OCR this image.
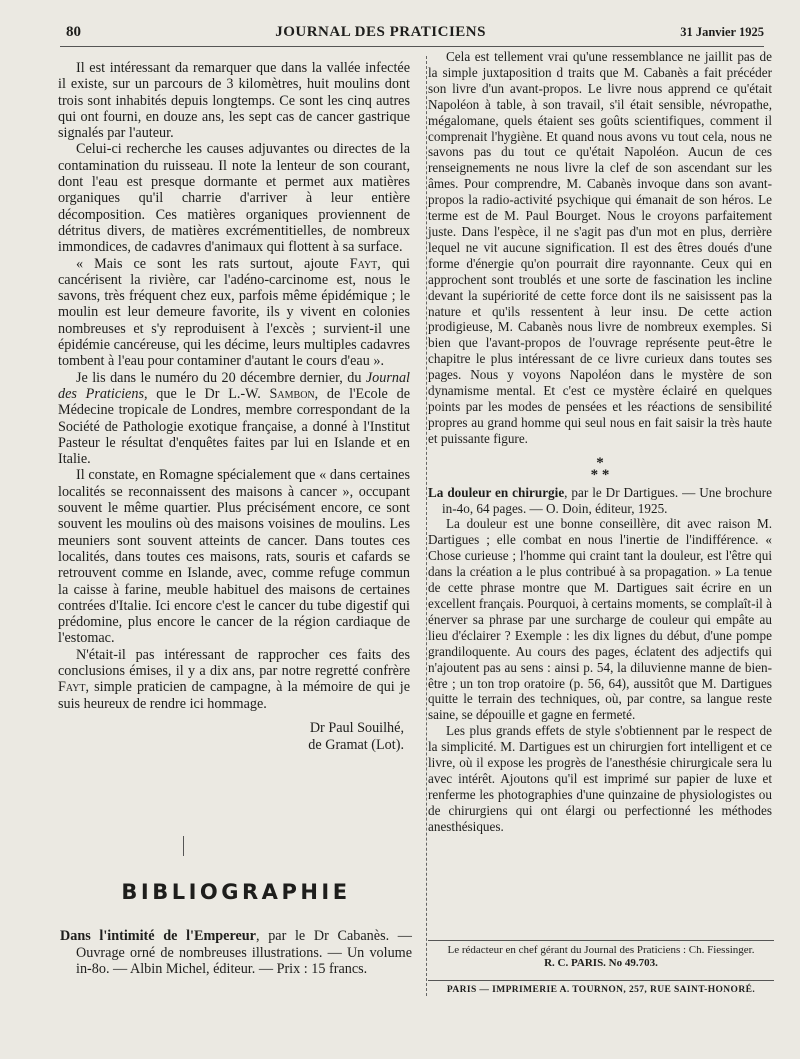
80	JOURNAL DES PRATICIENS	31 Janvier 1925

Il est intéressant da remarquer que dans la vallée infectée il existe, sur un parcours de 3 kilomètres, huit moulins dont trois sont inhabités depuis longtemps. Ce sont les cinq autres qui ont fourni, en douze ans, les sept cas de cancer gastrique signalés par l'auteur.

Celui-ci recherche les causes adjuvantes ou directes de la contamination du ruisseau. Il note la lenteur de son courant, dont l'eau est presque dormante et permet aux matières organiques qu'il charrie d'arriver à leur entière décomposition. Ces matières organiques proviennent de détritus divers, de matières excrémentitielles, de nombreux immondices, de cadavres d'animaux qui flottent à sa surface.

« Mais ce sont les rats surtout, ajoute Fayt, qui cancérisent la rivière, car l'adéno-carcinome est, nous le savons, très fréquent chez eux, parfois même épidémique ; le moulin est leur demeure favorite, ils y vivent en colonies nombreuses et s'y reproduisent à l'excès ; survient-il une épidémie cancéreuse, qui les décime, leurs multiples cadavres tombent à l'eau pour contaminer d'autant le cours d'eau ».

Je lis dans le numéro du 20 décembre dernier, du Journal des Praticiens, que le Dr L.-W. Sambon, de l'Ecole de Médecine tropicale de Londres, membre correspondant de la Société de Pathologie exotique française, a donné à l'Institut Pasteur le résultat d'enquêtes faites par lui en Islande et en Italie.

Il constate, en Romagne spécialement que « dans certaines localités se reconnaissent des maisons à cancer », occupant souvent le même quartier. Plus précisément encore, ce sont souvent les moulins où des maisons voisines de moulins. Les meuniers sont souvent atteints de cancer. Dans toutes ces localités, dans toutes ces maisons, rats, souris et cafards se retrouvent comme en Islande, avec, comme refuge commun la caisse à farine, meuble habituel des maisons de certaines contrées d'Italie. Ici encore c'est le cancer du tube digestif qui prédomine, plus encore le cancer de la région cardiaque de l'estomac.

N'était-il pas intéressant de rapprocher ces faits des conclusions émises, il y a dix ans, par notre regretté confrère Fayt, simple praticien de campagne, à la mémoire de qui je suis heureux de rendre ici hommage.

Dr Paul Souilhé,
de Gramat (Lot).
BIBLIOGRAPHIE

Dans l'intimité de l'Empereur, par le Dr Cabanès. — Ouvrage orné de nombreuses illustrations. — Un volume in-8o. — Albin Michel, éditeur. — Prix : 15 francs.

Cela est tellement vrai qu'une ressemblance ne jaillit pas de la simple juxtaposition d traits que M. Cabanès a fait précéder son livre d'un avant-propos. Le livre nous apprend ce qu'était Napoléon à table, à son travail, s'il était sensible, névropathe, mégalomane, quels étaient ses goûts scientifiques, comment il comprenait l'hygiène. Et quand nous avons vu tout cela, nous ne savons pas du tout ce qu'était Napoléon. Aucun de ces renseignements ne nous livre la clef de son ascendant sur les âmes. Pour comprendre, M. Cabanès invoque dans son avant-propos la radio-activité psychique qui émanait de son héros. Le terme est de M. Paul Bourget. Nous le croyons parfaitement juste. Dans l'espèce, il ne s'agit pas d'un mot en plus, derrière lequel ne vit aucune signification. Il est des êtres doués d'une forme d'énergie qu'on pourrait dire rayonnante. Ceux qui en approchent sont troublés et une sorte de fascination les incline devant la supériorité de cette force dont ils ne saisissent pas la nature et qu'ils ressentent à leur insu. De cette action prodigieuse, M. Cabanès nous livre de nombreux exemples. Si bien que l'avant-propos de l'ouvrage représente peut-être le chapitre le plus intéressant de ce livre curieux dans toutes ses pages. Nous y voyons Napoléon dans le mystère de son dynamisme mental. Et c'est ce mystère éclairé en quelques points par les modes de pensées et les réactions de sensibilité propres au grand homme qui seul nous en fait saisir la très haute et puissante figure.

*
* *

La douleur en chirurgie, par le Dr Dartigues. — Une brochure in-4o, 64 pages. — O. Doin, éditeur, 1925.

La douleur est une bonne conseillère, dit avec raison M. Dartigues ; elle combat en nous l'inertie de l'indifférence. « Chose curieuse ; l'homme qui craint tant la douleur, est l'être qui dans la création a le plus contribué à sa propagation. » La tenue de cette phrase montre que M. Dartigues sait écrire en un excellent français. Pourquoi, à certains moments, se complaît-il à énerver sa phrase par une surcharge de couleur qui empâte au lieu d'éclairer ? Exemple : les dix lignes du début, d'une pompe grandiloquente. Au cours des pages, éclatent des adjectifs qui n'ajoutent pas au sens : ainsi p. 54, la diluvienne manne de bien-être ; un ton trop oratoire (p. 56, 64), aussitôt que M. Dartigues quitte le terrain des techniques, où, par contre, sa langue reste saine, se dépouille et gagne en fermeté.

Les plus grands effets de style s'obtiennent par le respect de la simplicité. M. Dartigues est un chirurgien fort intelligent et ce livre, où il expose les progrès de l'anesthésie chirurgicale sera lu avec intérêt. Ajoutons qu'il est imprimé sur papier de luxe et renferme les photographies d'une quinzaine de physiologistes ou de chirurgiens qui ont élargi ou perfectionné les méthodes anesthésiques.

Le rédacteur en chef gérant du Journal des Praticiens : Ch. Fiessinger.
R. C. PARIS. No 49.703.
PARIS — IMPRIMERIE A. TOURNON, 257, RUE SAINT-HONORÉ.
